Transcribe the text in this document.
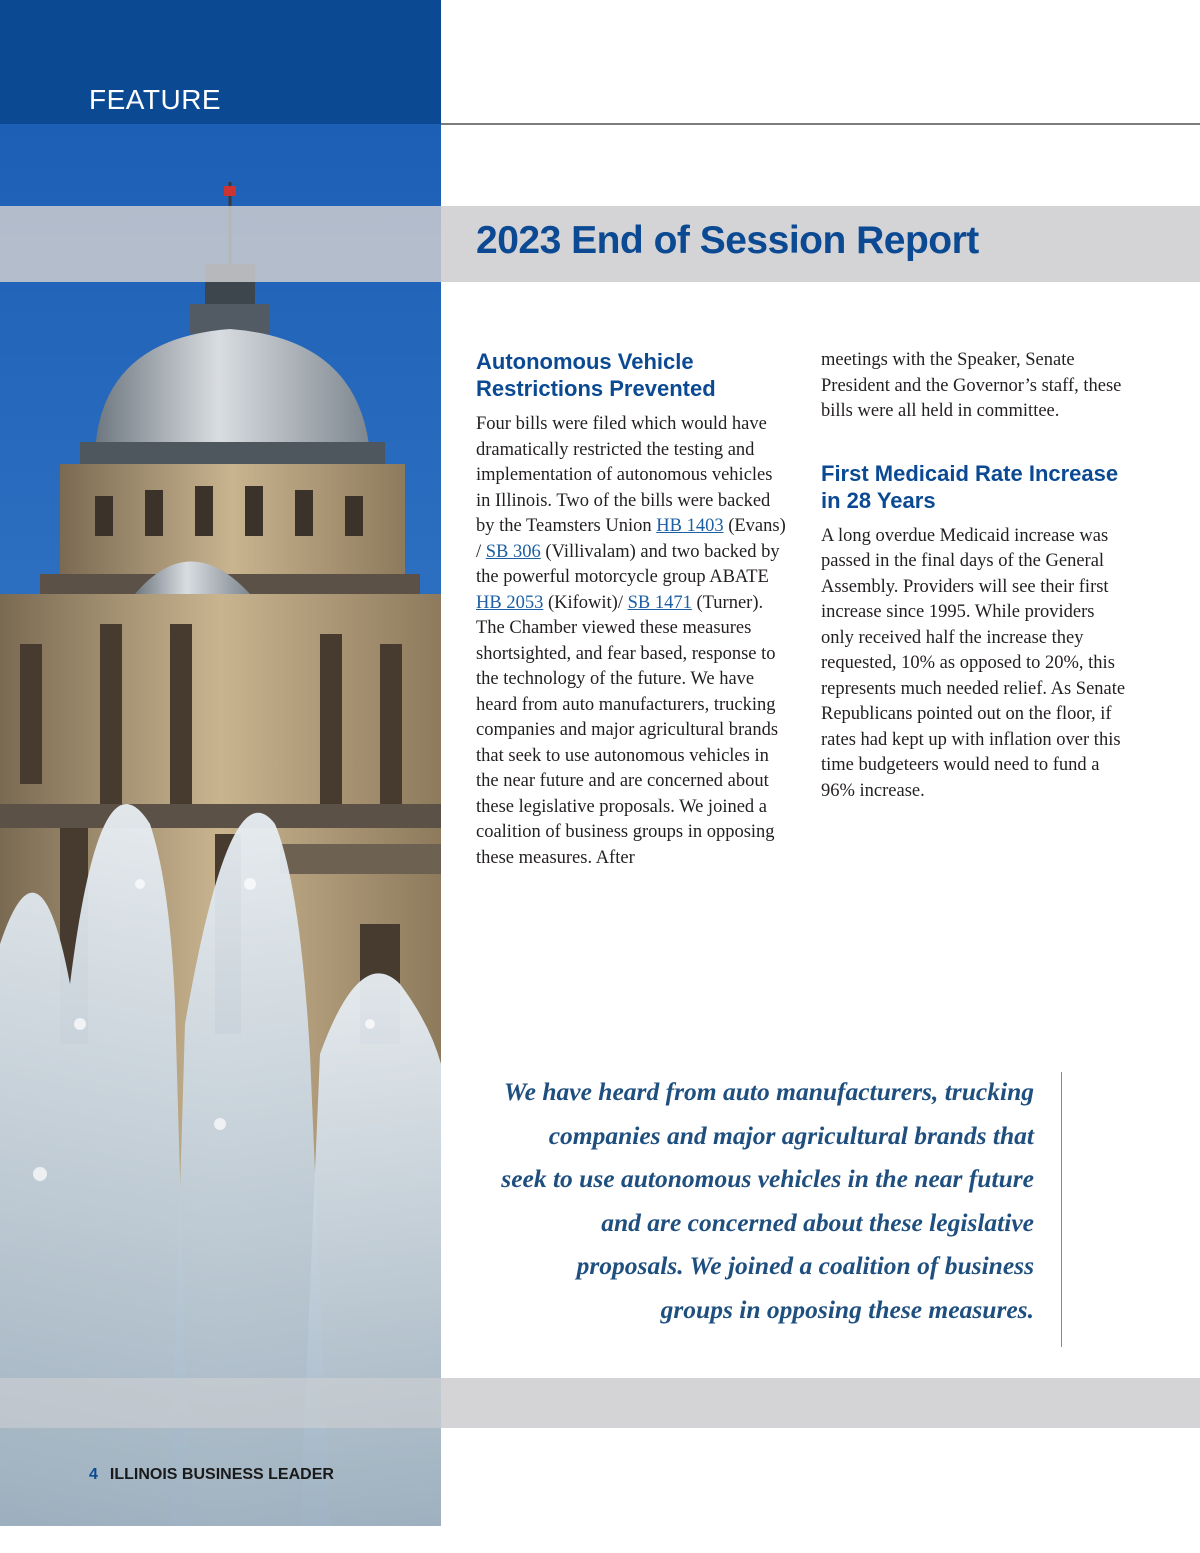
FEATURE
2023 End of Session Report
Autonomous Vehicle Restrictions Prevented

Four bills were filed which would have dramatically restricted the testing and implementation of autonomous vehicles in Illinois. Two of the bills were backed by the Teamsters Union HB 1403 (Evans) / SB 306 (Villivalam) and two backed by the powerful motorcycle group ABATE HB 2053 (Kifowit)/ SB 1471 (Turner). The Chamber viewed these measures shortsighted, and fear based, response to the technology of the future. We have heard from auto manufacturers, trucking companies and major agricultural brands that seek to use autonomous vehicles in the near future and are concerned about these legislative proposals. We joined a coalition of business groups in opposing these measures. After

meetings with the Speaker, Senate President and the Governor’s staff, these bills were all held in committee.

First Medicaid Rate Increase in 28 Years

A long overdue Medicaid increase was passed in the final days of the General Assembly. Providers will see their first increase since 1995. While providers only received half the increase they requested, 10% as opposed to 20%, this represents much needed relief. As Senate Republicans pointed out on the floor, if rates had kept up with inflation over this time budgeteers would need to fund a 96% increase.

We have heard from auto manufacturers, trucking companies and major agricultural brands that seek to use autonomous vehicles in the near future and are concerned about these legislative proposals. We joined a coalition of business groups in opposing these measures.

4 ILLINOIS BUSINESS LEADER
